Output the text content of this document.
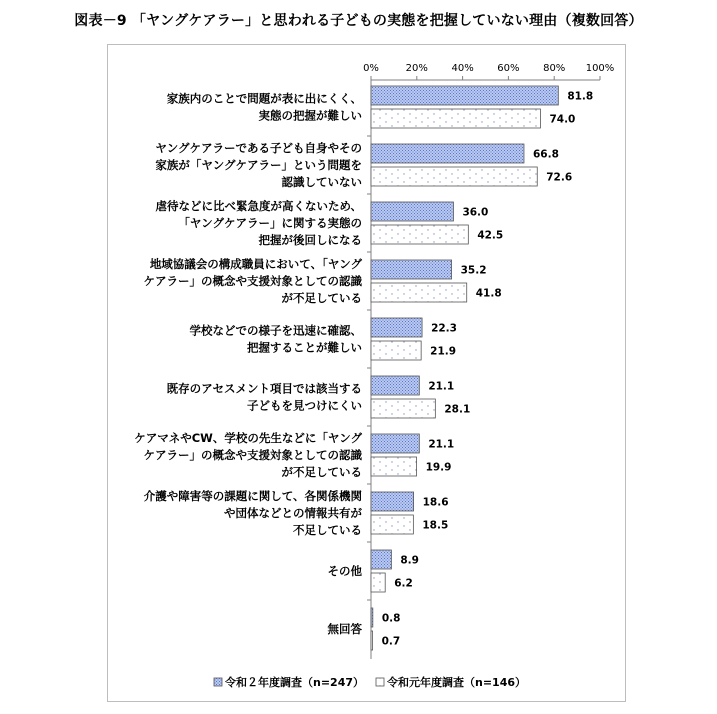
図表－9 「ヤングケアラー」と思われる子どもの実態を把握していない理由（複数回答）
0%	20% 40% 60% 80% 100%
家族内のことで問題が表に出にくく、実態の把握が難しい
81.8
74.0
ヤングケアラーである子ども自身やその家族が「ヤングケアラー」という問題を認識していない
66.8
72.6
虐待などに比べ緊急度が高くないため、「ヤングケアラー」に関する実態の把握が後回しになる
36.0
42.5
地域協議会の構成職員において、「ヤングケアラー」の概念や支援対象としての認識が不足している
35.2
41.8
学校などでの様子を迅速に確認、把握することが難しい
22.3
21.9
既存のアセスメント項目では該当する子どもを見つけにくい
21.1
28.1
ケアマネやCW、学校の先生などに「ヤングケアラー」の概念や支援対象としての認識が不足している
21.1
19.9
介護や障害等の課題に関して、各関係機関や団体などとの情報共有が不足している
18.6
18.5
その他
8.9
6.2
無回答
0.8
0.7
令和２年度調査（n=247） 令和元年度調査（n=146）
